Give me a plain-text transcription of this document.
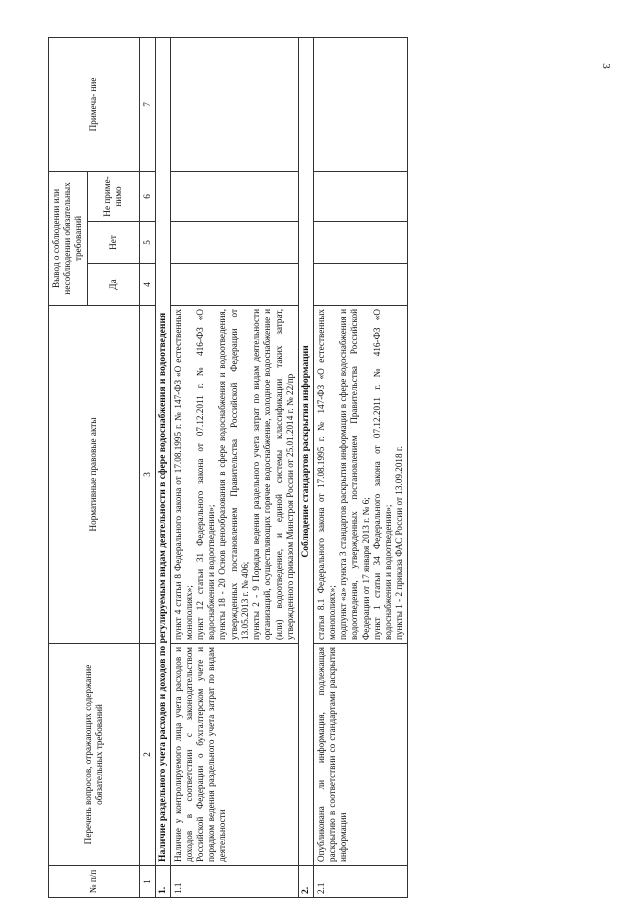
3
№ п/п	Перечень вопросов, отражающих содержание обязательных требований	Нормативные правовые акты	Вывод о соблюдении или несоблюдении обязательных требований			Примеча- ние
			Да	Нет	Не приме- нимо	
1	2	3	4	5	6	7
1.	Наличие раздельного учета расходов и доходов по регулируемым видам деятельности в сфере водоснабжения и водоотведения					
1.1	Наличие у контролируемого лица учета расходов и доходов в соответствии с законодательством Российской Федерации о бухгалтерском учете и порядком ведения раздельного учета затрат по видам деятельности	пункт 4 статьи 8 Федерального закона от 17.08.1995 г. № 147-ФЗ «О естественных монополиях»; пункт 12 статьи 31 Федерального закона от 07.12.2011 г. № 416-ФЗ «О водоснабжении и водоотведении»; пункты 18 - 20 Основ ценообразования в сфере водоснабжения и водоотведения, утвержденных постановлением Правительства Российской Федерации от 13.05.2013 г. № 406; пункты 2 - 9 Порядка ведения раздельного учета затрат по видам деятельности организаций, осуществляющих горячее водоснабжение, холодное водоснабжение и (или) водоотведение, и единой системы классификации таких затрат, утвержденного приказом Минстроя России от 25.01.2014 г. № 22/пр				

2.	Соблюдение стандартов раскрытия информации					
2.1	Опубликована ли информация, подлежащая раскрытию в соответствии со стандартами раскрытия информации	статья 8.1 Федерального закона от 17.08.1995 г. № 147-ФЗ «О естественных монополиях»; подпункт «а» пункта 3 стандартов раскрытия информации в сфере водоснабжения и водоотведения, утвержденных постановлением Правительства Российской Федерации от 17 января 2013 г. № 6; пункт 1 статьи 34 Федерального закона от 07.12.2011 г. № 416-ФЗ «О водоснабжении и водоотведении»; пункты 1 - 2 приказа ФАС России от 13.09.2018 г.				
